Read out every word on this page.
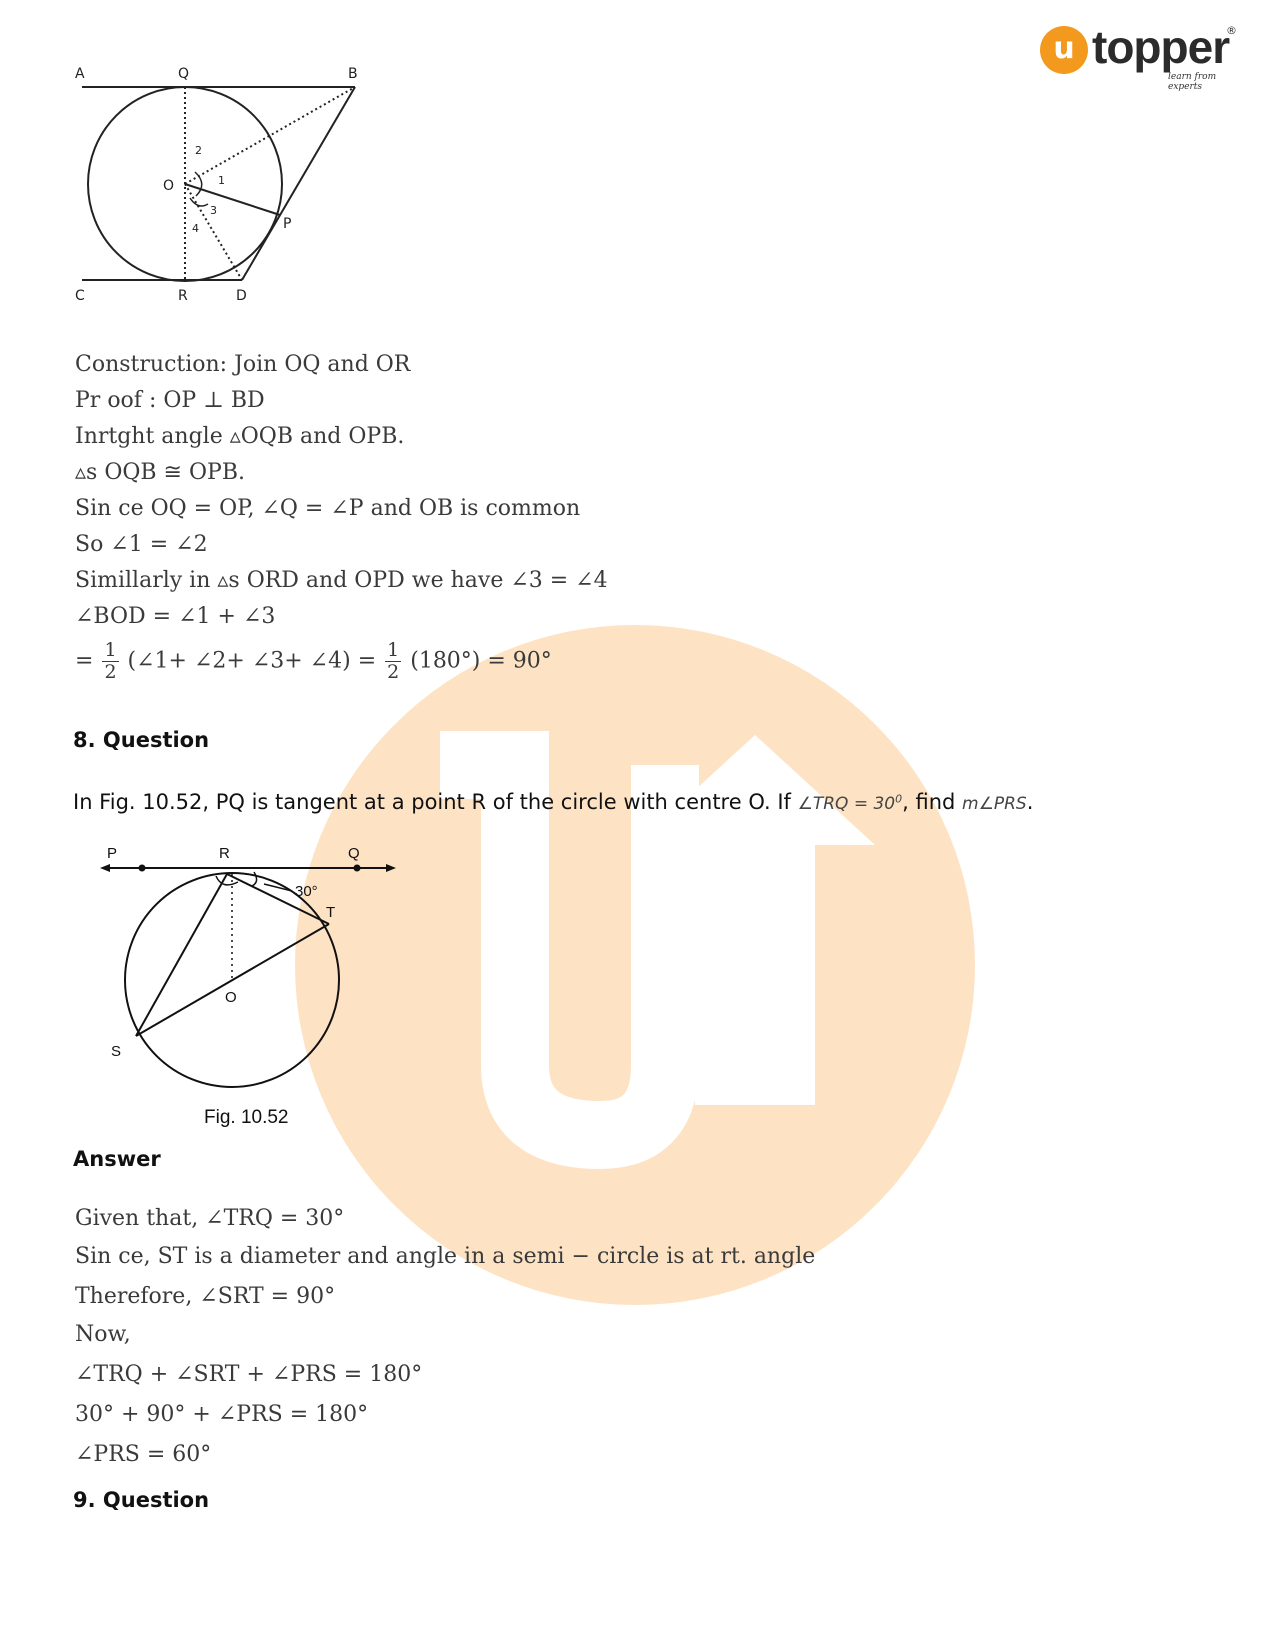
u topper
®
learn from experts
A	Q	B
O
P
C	R	D
1
2
3
4
Construction: Join OQ and OR
Pr oof : OP ⊥ BD
Inrtght angle ▵OQB and OPB.
▵s OQB ≅ OPB.
Sin ce OQ = OP, ∠Q = ∠P and OB is common
So ∠1 = ∠2
Simillarly in ▵s ORD and OPD we have ∠3 = ∠4
∠BOD = ∠1 + ∠3
= $\frac{1}{2}$ (∠1+ ∠2+ ∠3+ ∠4) = $\frac{1}{2} (180^\circ) = 90^\circ$
8. Question
In Fig. 10.52, PQ is tangent at a point R of the circle with centre O. If ∠TRQ = $30^0$, find m∠PRS.
P	R	Q
T
O
S
30°
Fig. 10.52
Answer
Given that, ∠TRQ = 30°
Sin ce, ST is a diameter and angle in a semi − circle is at rt. angle
Therefore, ∠SRT = 90°
Now,
∠TRQ + ∠SRT + ∠PRS = 180°
30° + 90° + ∠PRS = 180°
∠PRS = 60°
9. Question
